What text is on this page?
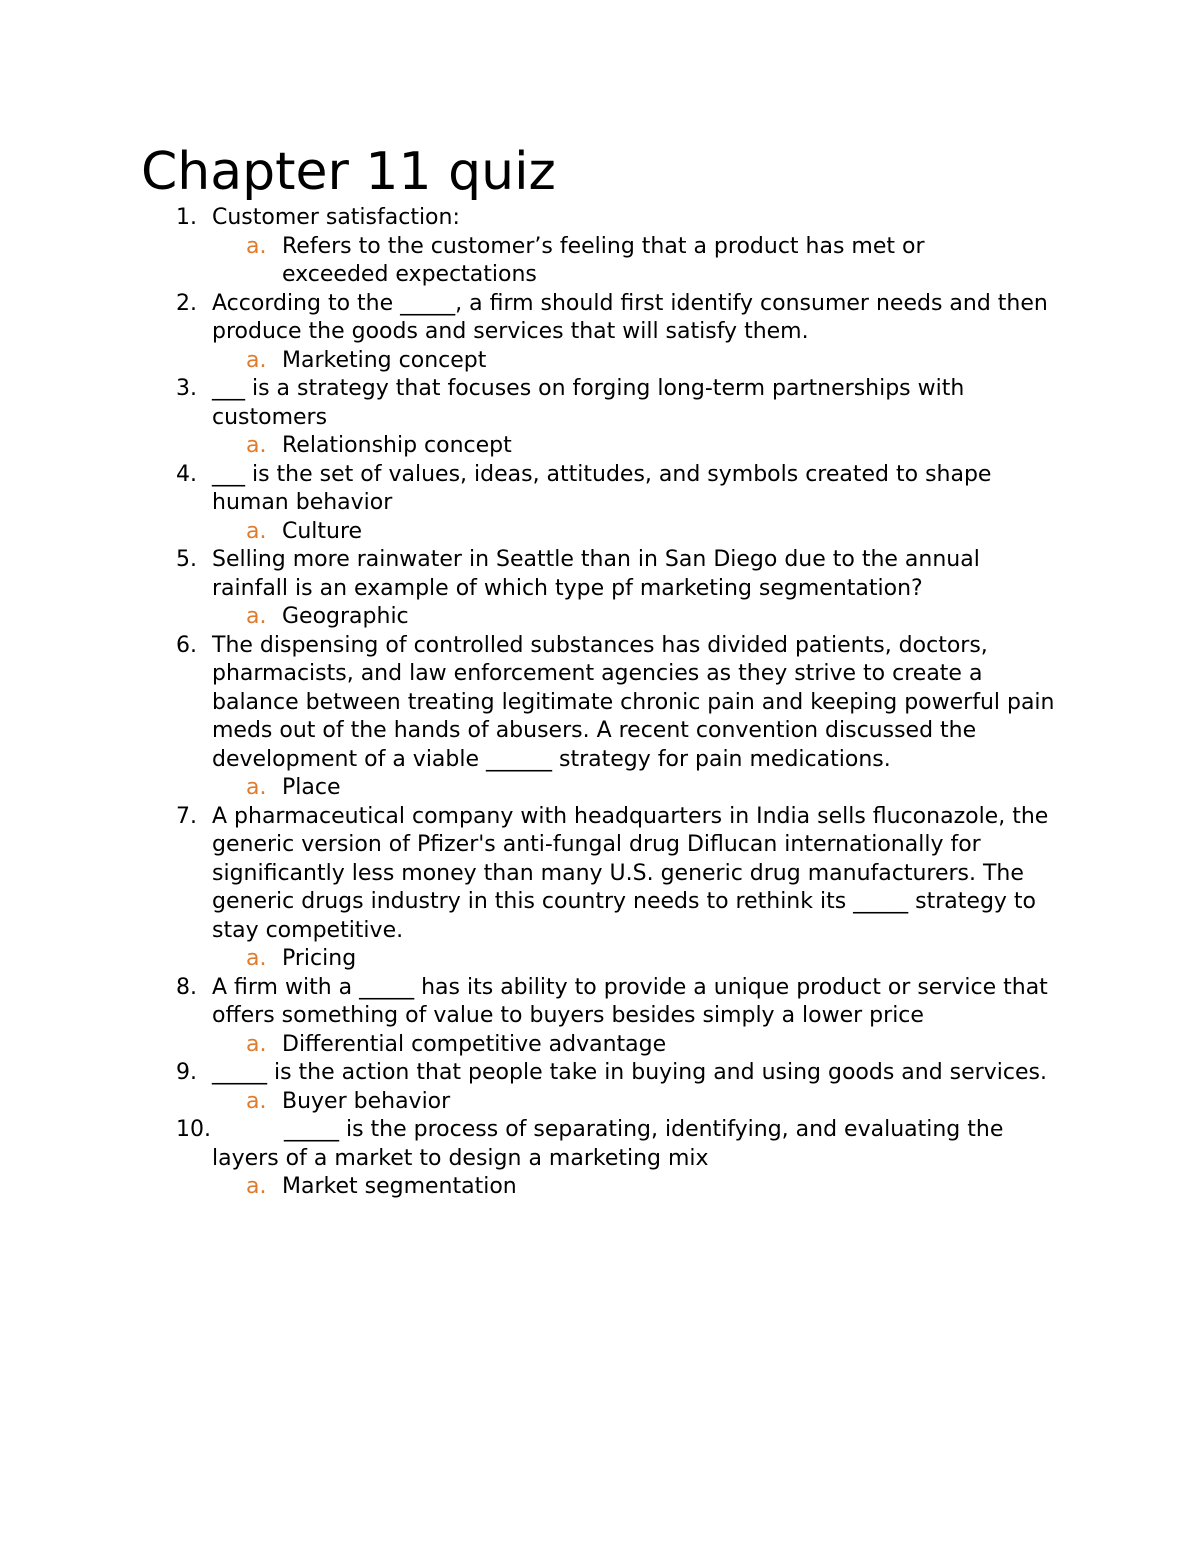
Chapter 11 quiz
1. Customer satisfaction:
a. Refers to the customer’s feeling that a product has met or exceeded expectations
2. According to the _____, a firm should first identify consumer needs and then produce the goods and services that will satisfy them.
a. Marketing concept
3. ___ is a strategy that focuses on forging long-term partnerships with customers
a. Relationship concept
4. ___ is the set of values, ideas, attitudes, and symbols created to shape human behavior
a. Culture
5. Selling more rainwater in Seattle than in San Diego due to the annual rainfall is an example of which type pf marketing segmentation?
a. Geographic
6. The dispensing of controlled substances has divided patients, doctors, pharmacists, and law enforcement agencies as they strive to create a balance between treating legitimate chronic pain and keeping powerful pain meds out of the hands of abusers. A recent convention discussed the development of a viable ______ strategy for pain medications.
a. Place
7. A pharmaceutical company with headquarters in India sells fluconazole, the generic version of Pfizer's anti-fungal drug Diflucan internationally for significantly less money than many U.S. generic drug manufacturers. The generic drugs industry in this country needs to rethink its _____ strategy to stay competitive.
a. Pricing
8. A firm with a _____ has its ability to provide a unique product or service that offers something of value to buyers besides simply a lower price
a. Differential competitive advantage
9. _____ is the action that people take in buying and using goods and services.
a. Buyer behavior
10.	_____ is the process of separating, identifying, and evaluating the layers of a market to design a marketing mix
a. Market segmentation
